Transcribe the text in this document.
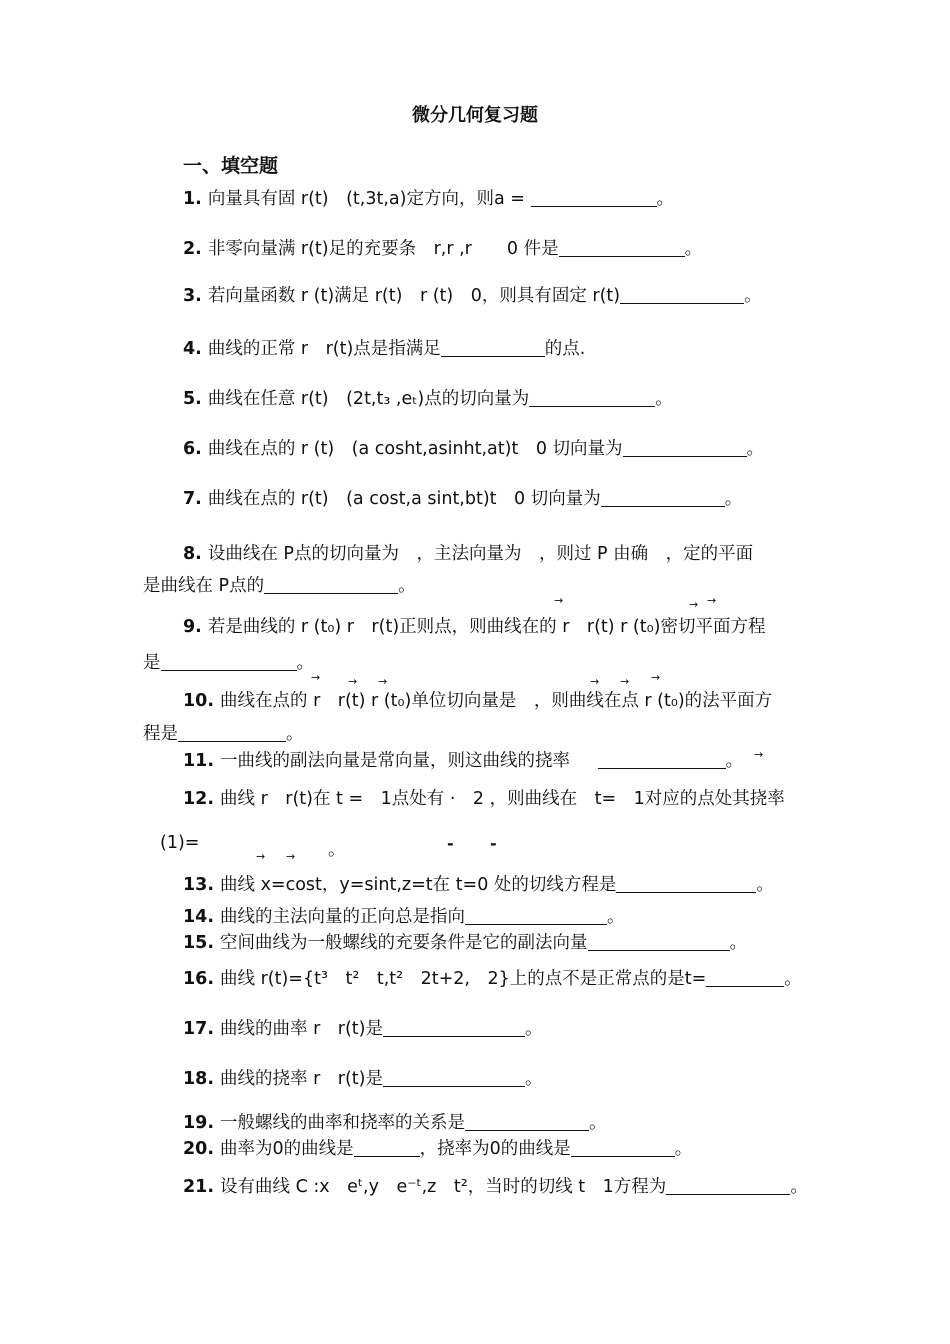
微分几何复习题
一、填空题
1. 向量具有固 r(t)　(t,3t,a)定方向，则a =	。
2. 非零向量满 r(t)足的充要条　r,r ,r　　0 件是	。
3. 若向量函数 r (t)满足 r(t)　r (t)　0，则具有固定 r(t)	。
4. 曲线的正常 r　r(t)点是指满足	的点.
5. 曲线在任意 r(t)　(2t,t₃ ,eₜ)点的切向量为	。
6. 曲线在点的 r (t)　(a cosht,asinht,at)t　0 切向量为	。
7. 曲线在点的 r(t)　(a cost,a sint,bt)t　0 切向量为	。
8. 设曲线在 P点的切向量为　，主法向量为　，则过 P 由确　，定的平面
是曲线在 P点的	。
→	→ →
9. 若是曲线的 r (t₀) r　r(t)正则点，则曲线在的 r　r(t) r (t₀)密切平面方程
是	。
→	→ →	→ → →
10. 曲线在点的 r　r(t) r (t₀)单位切向量是　，则曲线在点 r (t₀)的法平面方
程是	。
→
11. 一曲线的副法向量是常向量，则这曲线的挠率	。
12. 曲线 r　r(t)在 t =　1点处有 ·　2 ，则曲线在　t=　1对应的点处其挠率
(1)=
→ → 。	- -
13. 曲线 x=cost，y=sint,z=t在 t=0 处的切线方程是	。
14. 曲线的主法向量的正向总是指向	。
15. 空间曲线为一般螺线的充要条件是它的副法向量	。
16. 曲线 r(t)={t³　t²　t,t²　2t+2,　2}上的点不是正常点的是t=	。
17. 曲线的曲率 r　r(t)是	。
18. 曲线的挠率 r　r(t)是	。
19. 一般螺线的曲率和挠率的关系是	。
20. 曲率为0的曲线是	，挠率为0的曲线是	。
21. 设有曲线 C :x　eᵗ,y　e⁻ᵗ,z　t²，当时的切线 t　1方程为	。
